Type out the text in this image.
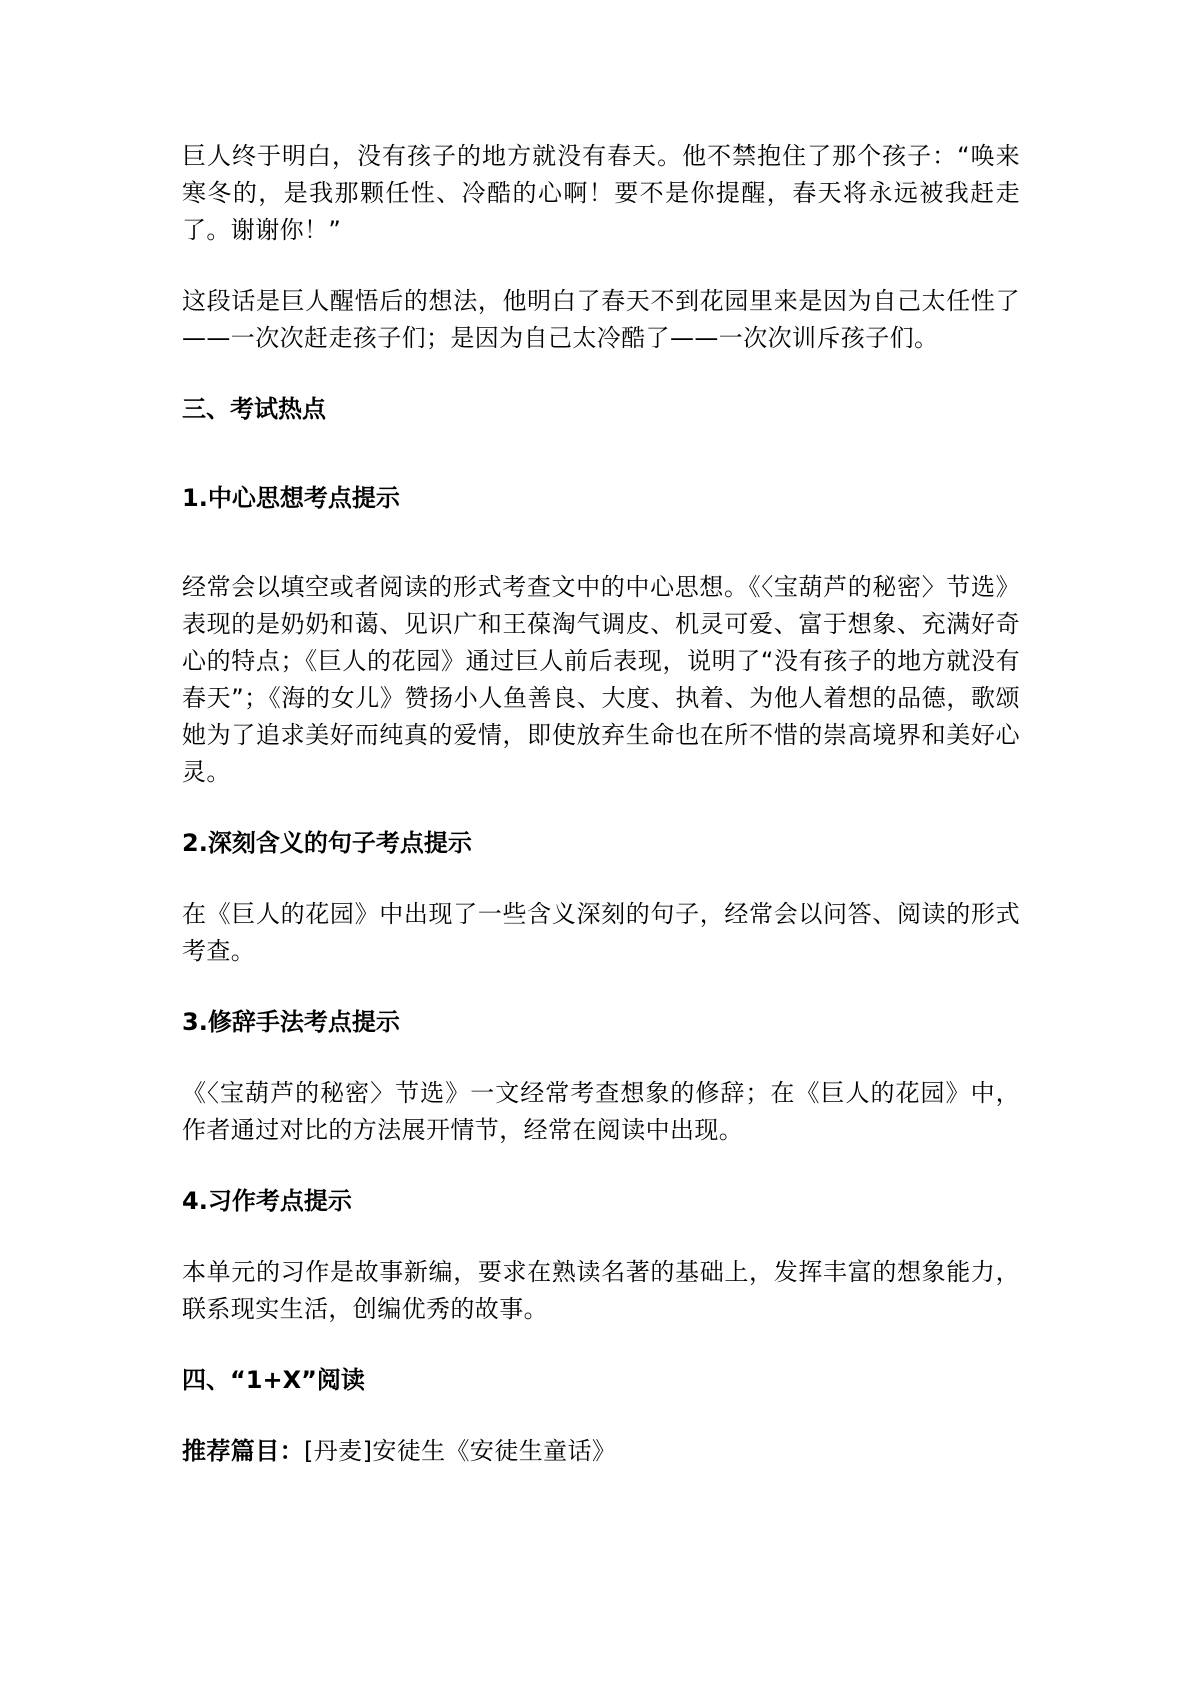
巨人终于明白，没有孩子的地方就没有春天。他不禁抱住了那个孩子：“唤来寒冬的，是我那颗任性、冷酷的心啊！要不是你提醒，春天将永远被我赶走了。谢谢你！”

这段话是巨人醒悟后的想法，他明白了春天不到花园里来是因为自己太任性了——一次次赶走孩子们；是因为自己太冷酷了——一次次训斥孩子们。

三、考试热点

1.中心思想考点提示

经常会以填空或者阅读的形式考查文中的中心思想。《〈宝葫芦的秘密〉节选》表现的是奶奶和蔼、见识广和王葆淘气调皮、机灵可爱、富于想象、充满好奇心的特点；《巨人的花园》通过巨人前后表现，说明了“没有孩子的地方就没有春天”；《海的女儿》赞扬小人鱼善良、大度、执着、为他人着想的品德，歌颂她为了追求美好而纯真的爱情，即使放弃生命也在所不惜的崇高境界和美好心灵。

2.深刻含义的句子考点提示

在《巨人的花园》中出现了一些含义深刻的句子，经常会以问答、阅读的形式考查。

3.修辞手法考点提示

《〈宝葫芦的秘密〉节选》一文经常考查想象的修辞；在《巨人的花园》中，作者通过对比的方法展开情节，经常在阅读中出现。

4.习作考点提示

本单元的习作是故事新编，要求在熟读名著的基础上，发挥丰富的想象能力，联系现实生活，创编优秀的故事。

四、“1+X”阅读

推荐篇目：[丹麦]安徒生《安徒生童话》
